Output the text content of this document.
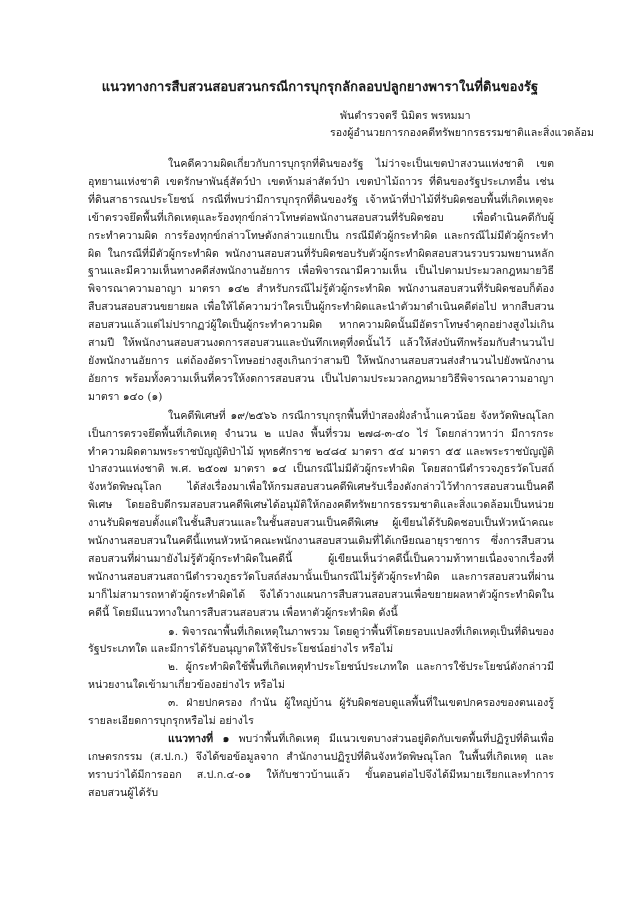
แนวทางการสืบสวนสอบสวนกรณีการบุกรุกลักลอบปลูกยางพาราในที่ดินของรัฐ
พันตำรวจตรี นิมิตร พรหมมา
รองผู้อำนวยการกองคดีทรัพยากรธรรมชาติและสิ่งแวดล้อม

ในคดีความผิดเกี่ยวกับการบุกรุกที่ดินของรัฐ ไม่ว่าจะเป็นเขตป่าสงวนแห่งชาติ เขตอุทยานแห่งชาติ เขตรักษาพันธุ์สัตว์ป่า เขตห้ามล่าสัตว์ป่า เขตป่าไม้ถาวร ที่ดินของรัฐประเภทอื่น เช่น ที่ดินสาธารณประโยชน์ กรณีที่พบว่ามีการบุกรุกที่ดินของรัฐ เจ้าหน้าที่ป่าไม้ที่รับผิดชอบพื้นที่เกิดเหตุจะเข้าตรวจยึดพื้นที่เกิดเหตุและร้องทุกข์กล่าวโทษต่อพนักงานสอบสวนที่รับผิดชอบ เพื่อดำเนินคดีกับผู้กระทำความผิด การร้องทุกข์กล่าวโทษดังกล่าวแยกเป็น กรณีมีตัวผู้กระทำผิด และกรณีไม่มีตัวผู้กระทำผิด ในกรณีที่มีตัวผู้กระทำผิด พนักงานสอบสวนที่รับผิดชอบรับตัวผู้กระทำผิดสอบสวนรวบรวมพยานหลักฐานและมีความเห็นทางคดีส่งพนักงานอัยการ เพื่อพิจารณามีความเห็น เป็นไปตามประมวลกฎหมายวิธีพิจารณาความอาญา มาตรา ๑๔๒ สำหรับกรณีไม่รู้ตัวผู้กระทำผิด พนักงานสอบสวนที่รับผิดชอบก็ต้องสืบสวนสอบสวนขยายผล เพื่อให้ได้ความว่าใครเป็นผู้กระทำผิดและนำตัวมาดำเนินคดีต่อไป หากสืบสวนสอบสวนแล้วแต่ไม่ปรากฏว่ผู้ใดเป็นผู้กระทำความผิด หากความผิดนั้นมีอัตราโทษจำคุกอย่างสูงไม่เกินสามปี ให้พนักงานสอบสวนงดการสอบสวนและบันทึกเหตุที่งดนั้นไว้ แล้วให้ส่งบันทึกพร้อมกับสำนวนไปยังพนักงานอัยการ แต่ถ้องอัตราโทษอย่างสูงเกินกว่าสามปี ให้พนักงานสอบสวนส่งสำนวนไปยังพนักงานอัยการ พร้อมทั้งความเห็นที่ควรให้งดการสอบสวน เป็นไปตามประมวลกฎหมายวิธีพิจารณาความอาญา มาตรา ๑๔๐ (๑)

ในคดีพิเศษที่ ๑๙/๒๕๖๖ กรณีการบุกรุกพื้นที่ป่าสองฝั่งลำน้ำแควน้อย จังหวัดพิษณุโลก เป็นการตรวจยึดพื้นที่เกิดเหตุ จำนวน ๒ แปลง พื้นที่รวม ๒๗๘-๓-๔๐ ไร่ โดยกล่าวหาว่า มีการกระทำความผิดตามพระราชบัญญัติป่าไม้ พุทธศักราช ๒๔๘๔ มาตรา ๕๔ มาตรา ๕๕ และพระราชบัญญัติป่าสงวนแห่งชาติ พ.ศ. ๒๕๐๗ มาตรา ๑๔ เป็นกรณีไม่มีตัวผู้กระทำผิด โดยสถานีตำรวจภูธรวัดโบสถ์ จังหวัดพิษณุโลก ได้ส่งเรื่องมาเพื่อให้กรมสอบสวนคดีพิเศษรับเรื่องดังกล่าวไว้ทำการสอบสวนเป็นคดีพิเศษ โดยอธิบดีกรมสอบสวนคดีพิเศษได้อนุมัติให้กองคดีทรัพยากรธรรมชาติและสิ่งแวดล้อมเป็นหน่วยงานรับผิดชอบตั้งแต่ในชั้นสืบสวนและในชั้นสอบสวนเป็นคดีพิเศษ ผู้เขียนได้รับผิดชอบเป็นหัวหน้าคณะพนักงานสอบสวนในคดีนี้แทนหัวหน้าคณะพนักงานสอบสวนเดิมที่ได้เกษียณอายุราชการ ซึ่งการสืบสวนสอบสวนที่ผ่านมายังไม่รู้ตัวผู้กระทำผิดในคดีนี้ ผู้เขียนเห็นว่าคดีนี้เป็นความท้าทายเนื่องจากเรื่องที่พนักงานสอบสวนสถานีตำรวจภูธรวัดโบสถ์ส่งมานั้นเป็นกรณีไม่รู้ตัวผู้กระทำผิด และการสอบสวนที่ผ่านมาก็ไม่สามารถหาตัวผู้กระทำผิดได้ จึงได้วางแผนการสืบสวนสอบสวนเพื่อขยายผลหาตัวผู้กระทำผิดในคดีนี้ โดยมีแนวทางในการสืบสวนสอบสวน เพื่อหาตัวผู้กระทำผิด ดังนี้

๑. พิจารณาพื้นที่เกิดเหตุในภาพรวม โดยดูว่าพื้นที่โดยรอบแปลงที่เกิดเหตุเป็นที่ดินของรัฐประเภทใด และมีการได้รับอนุญาตให้ใช้ประโยชน์อย่างไร หรือไม่

๒. ผู้กระทำผิดใช้พื้นที่เกิดเหตุทำประโยชน์ประเภทใด และการใช้ประโยชน์ดังกล่าวมีหน่วยงานใดเข้ามาเกี่ยวข้องอย่างไร หรือไม่

๓. ฝ่ายปกครอง กำนัน ผู้ใหญ่บ้าน ผู้รับผิดชอบดูแลพื้นที่ในเขตปกครองของตนเองรู้รายละเอียดการบุกรุกหรือไม่ อย่างไร

แนวทางที่ ๑ พบว่าพื้นที่เกิดเหตุ มีแนวเขตบางส่วนอยู่ติดกับเขตพื้นที่ปฏิรูปที่ดินเพื่อเกษตรกรรม (ส.ป.ก.) จึงได้ขอข้อมูลจาก สำนักงานปฏิรูปที่ดินจังหวัดพิษณุโลก ในพื้นที่เกิดเหตุ และทราบว่าได้มีการออก ส.ป.ก.๔-๐๑ ให้กับชาวบ้านแล้ว ขั้นตอนต่อไปจึงได้มีหมายเรียกและทำการสอบสวนผู้ได้รับ
